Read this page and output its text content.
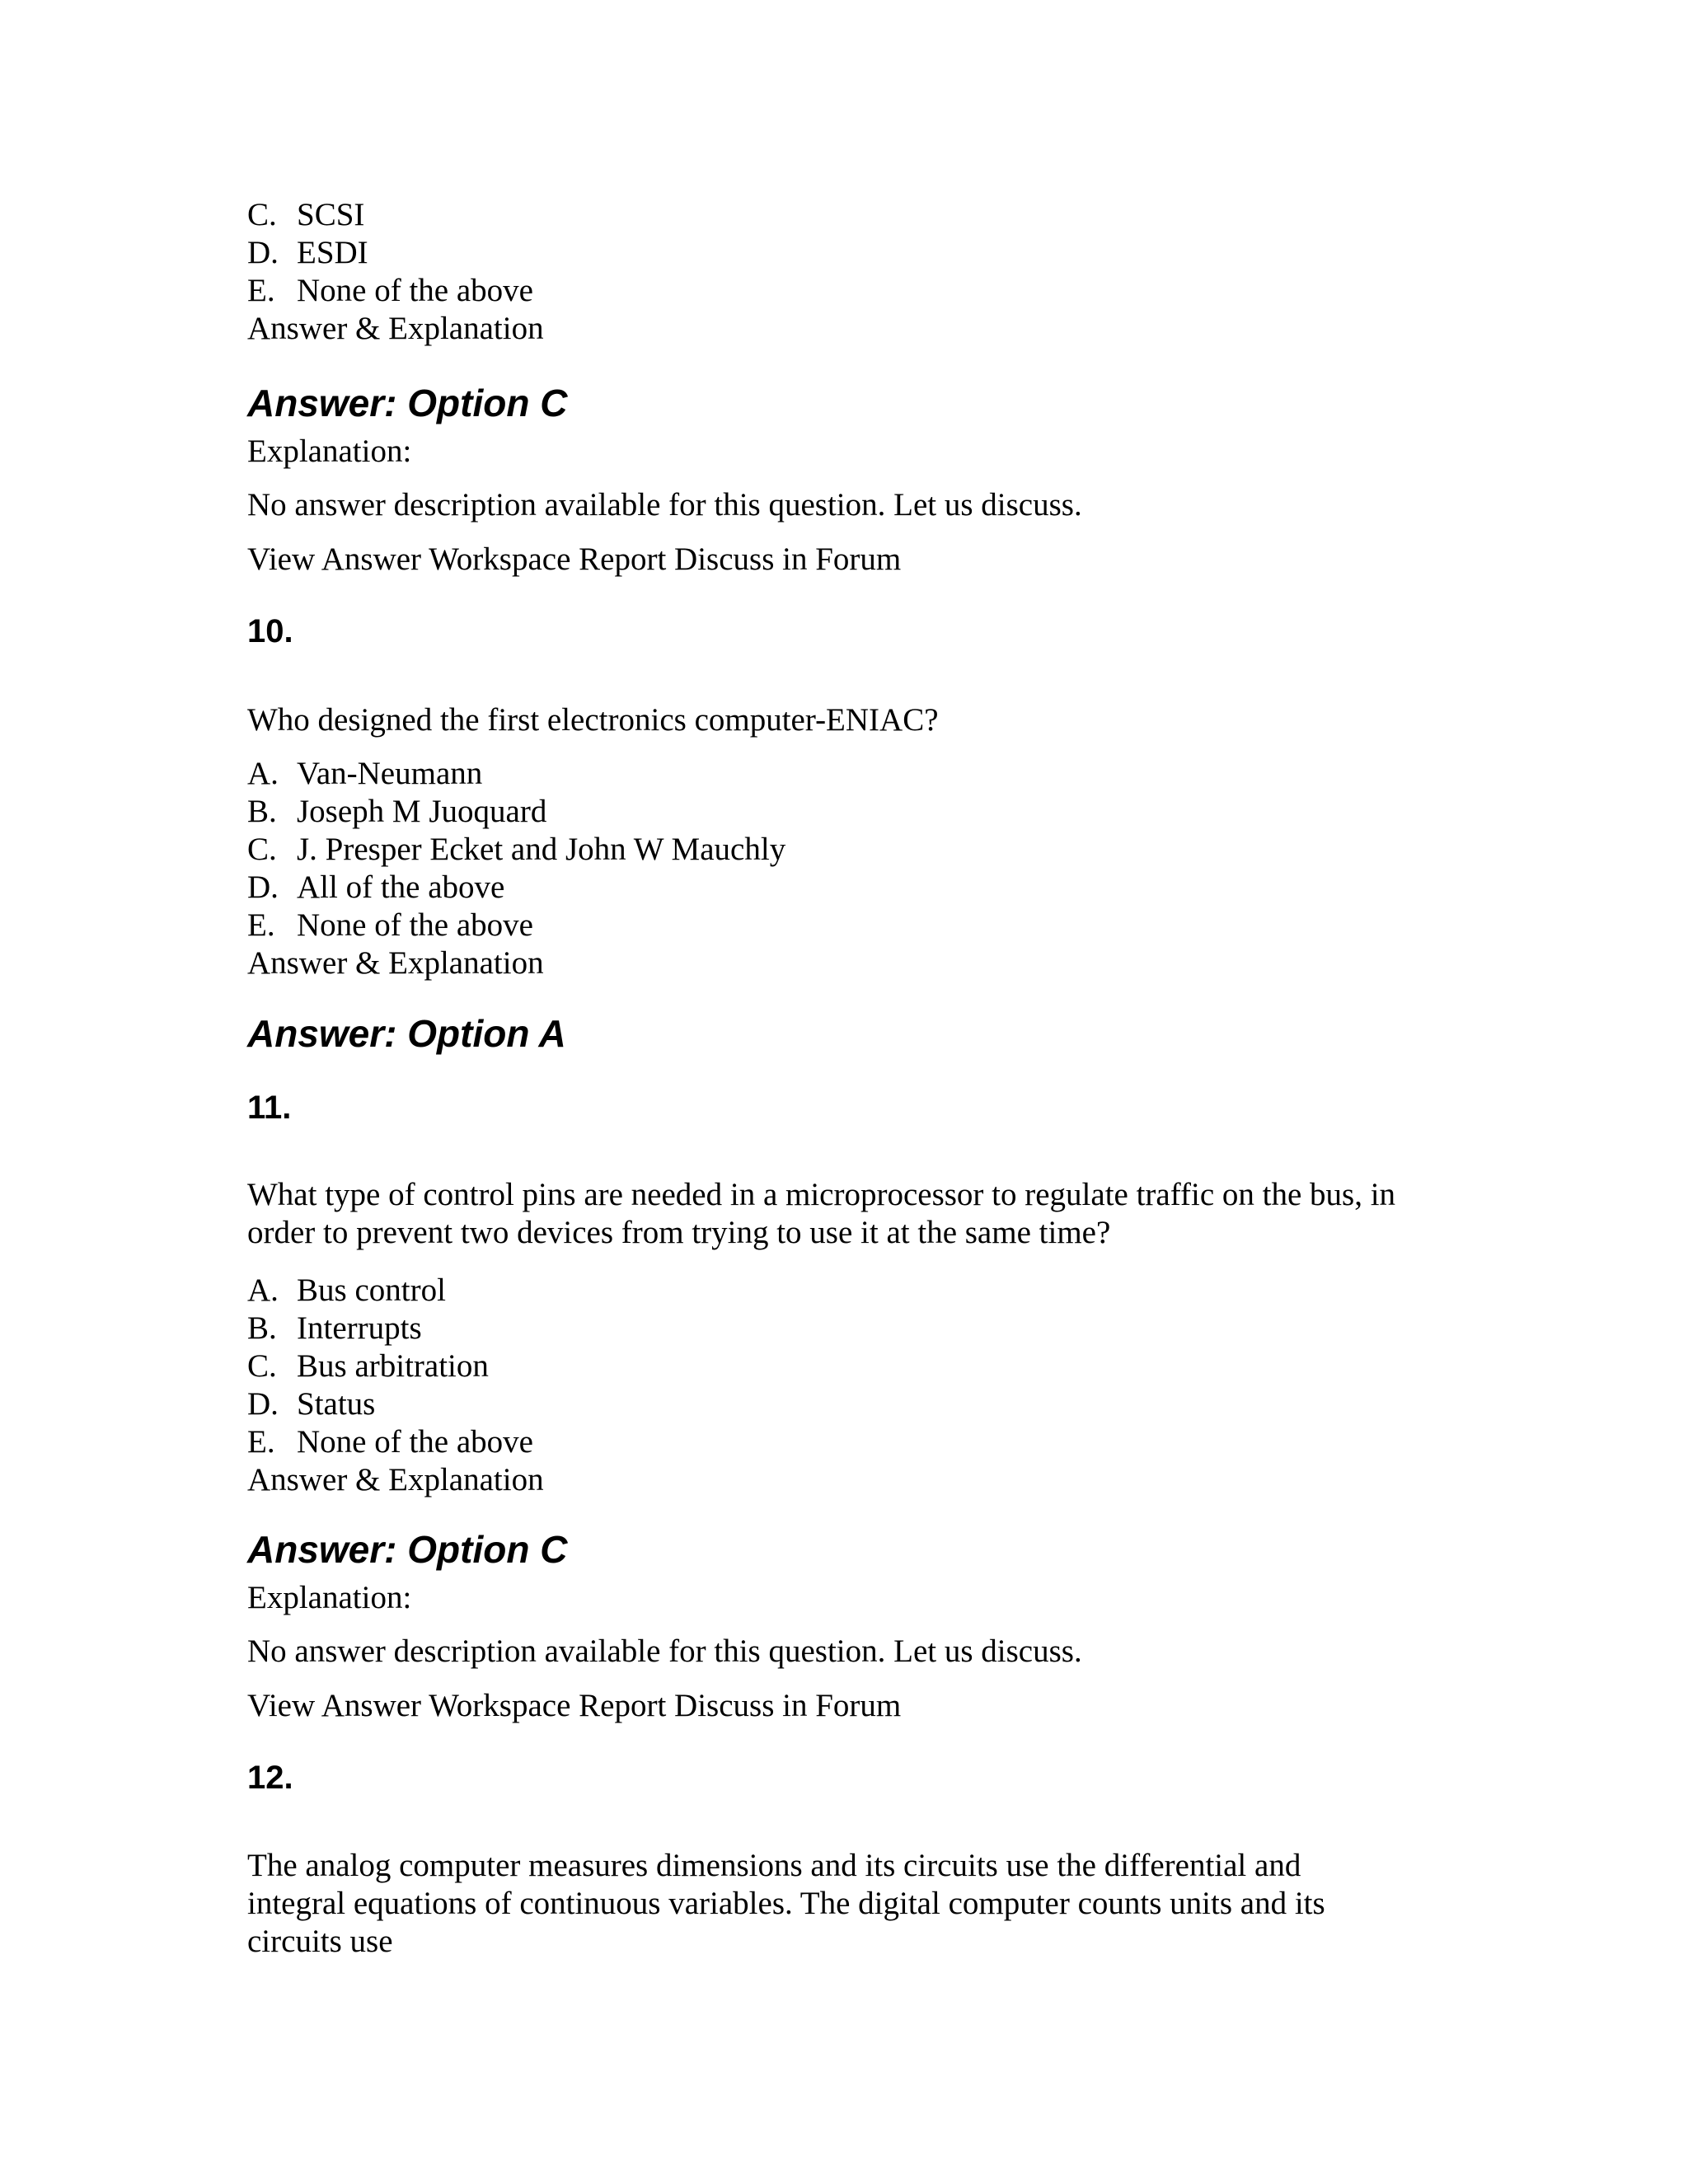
C. SCSI
D. ESDI
E. None of the above
Answer & Explanation
Answer: Option C
Explanation:
No answer description available for this question. Let us discuss.
View Answer Workspace Report Discuss in Forum
10.
Who designed the first electronics computer-ENIAC?
A. Van-Neumann
B. Joseph M Juoquard
C. J. Presper Ecket and John W Mauchly
D. All of the above
E. None of the above
Answer & Explanation
Answer: Option A
11.
What type of control pins are needed in a microprocessor to regulate traffic on the bus, in
order to prevent two devices from trying to use it at the same time?
A. Bus control
B. Interrupts
C. Bus arbitration
D. Status
E. None of the above
Answer & Explanation
Answer: Option C
Explanation:
No answer description available for this question. Let us discuss.
View Answer Workspace Report Discuss in Forum
12.
The analog computer measures dimensions and its circuits use the differential and
integral equations of continuous variables. The digital computer counts units and its
circuits use
